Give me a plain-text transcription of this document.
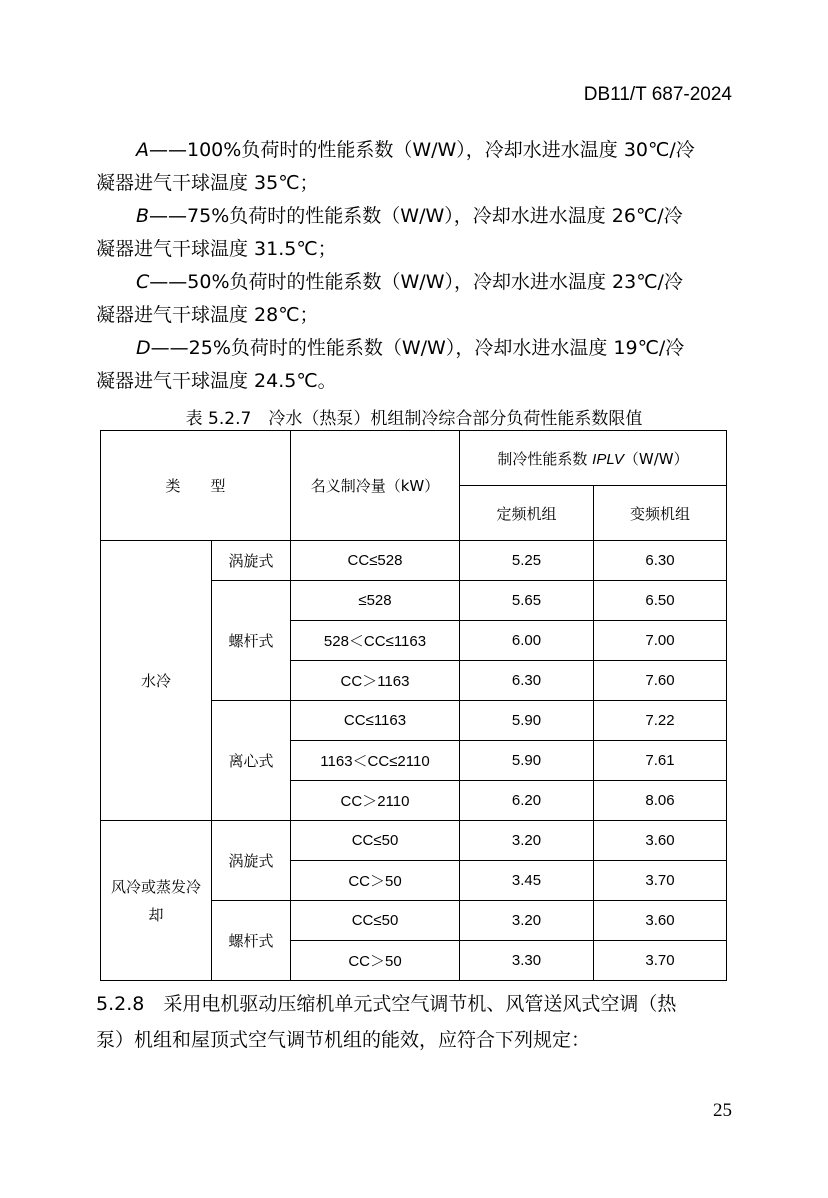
DB11/T 687-2024

A——100%负荷时的性能系数（W/W），冷却水进水温度 30℃/冷

凝器进气干球温度 35℃；

B——75%负荷时的性能系数（W/W），冷却水进水温度 26℃/冷

凝器进气干球温度 31.5℃；

C——50%负荷时的性能系数（W/W），冷却水进水温度 23℃/冷

凝器进气干球温度 28℃；

D——25%负荷时的性能系数（W/W），冷却水进水温度 19℃/冷

凝器进气干球温度 24.5℃。

表 5.2.7　冷水（热泵）机组制冷综合部分负荷性能系数限值
类　　型		名义制冷量（kW）	制冷性能系数 IPLV（W/W）	
			定频机组	变频机组
水冷	涡旋式	CC≤528	5.25	6.30
	螺杆式	≤528	5.65	6.50
		528＜CC≤1163	6.00	7.00
		CC＞1163	6.30	7.60
	离心式	CC≤1163	5.90	7.22
		1163＜CC≤2110	5.90	7.61
		CC＞2110	6.20	8.06
风冷或蒸发冷却	涡旋式	CC≤50	3.20	3.60
		CC＞50	3.45	3.70
	螺杆式	CC≤50	3.20	3.60
		CC＞50	3.30	3.70

5.2.8　采用电机驱动压缩机单元式空气调节机、风管送风式空调（热

泵）机组和屋顶式空气调节机组的能效，应符合下列规定：

25
